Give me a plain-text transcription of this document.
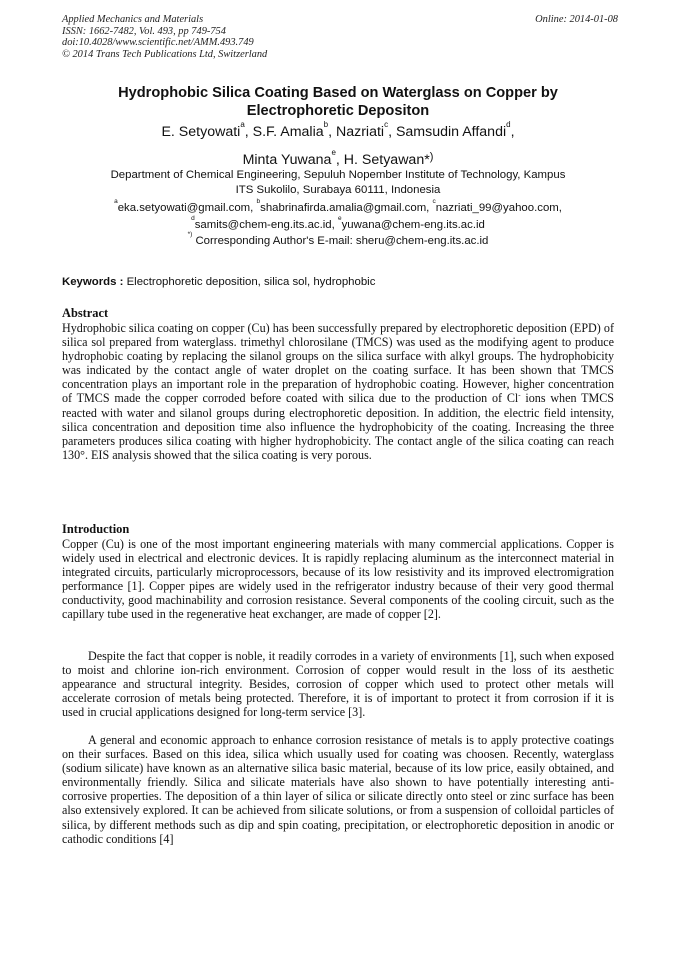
Applied Mechanics and Materials
ISSN: 1662-7482, Vol. 493, pp 749-754
doi:10.4028/www.scientific.net/AMM.493.749
© 2014 Trans Tech Publications Ltd, Switzerland
Online: 2014-01-08
Hydrophobic Silica Coating Based on Waterglass on Copper by
Electrophoretic Depositon
E. Setyowati$^a$, S.F. Amalia$^b$, Nazriati$^c$, Samsudin Affandi$^d$,
Minta Yuwana$^e$, H. Setyawan*)
Department of Chemical Engineering, Sepuluh Nopember Institute of Technology, Kampus
ITS Sukolilo, Surabaya 60111, Indonesia
$^a$eka.setyowati@gmail.com, $^b$shabrinafirda.amalia@gmail.com, $^c$nazriati_99@yahoo.com,
$^d$samits@chem-eng.its.ac.id, $^e$yuwana@chem-eng.its.ac.id
*) Corresponding Author's E-mail: sheru@chem-eng.its.ac.id
Keywords : Electrophoretic deposition, silica sol, hydrophobic
Abstract
Hydrophobic silica coating on copper (Cu) has been successfully prepared by electrophoretic deposition (EPD) of silica sol prepared from waterglass. trimethyl chlorosilane (TMCS) was used as the modifying agent to produce hydrophobic coating by replacing the silanol groups on the silica surface with alkyl groups. The hydrophobicity was indicated by the contact angle of water droplet on the coating surface. It has been shown that TMCS concentration plays an important role in the preparation of hydrophobic coating. However, higher concentration of TMCS made the copper corroded before coated with silica due to the production of Cl- ions when TMCS reacted with water and silanol groups during electrophoretic deposition. In addition, the electric field intensity, silica concentration and deposition time also influence the hydrophobicity of the coating. Increasing the three parameters produces silica coating with higher hydrophobicity. The contact angle of the silica coating can reach 130°. EIS analysis showed that the silica coating is very porous.
Introduction
Copper (Cu) is one of the most important engineering materials with many commercial applications. Copper is widely used in electrical and electronic devices. It is rapidly replacing aluminum as the interconnect material in integrated circuits, particularly microprocessors, because of its low resistivity and its improved electromigration performance [1]. Copper pipes are widely used in the refrigerator industry because of their very good thermal conductivity, good machinability and corrosion resistance. Several components of the cooling circuit, such as the capillary tube used in the regenerative heat exchanger, are made of copper [2].
Despite the fact that copper is noble, it readily corrodes in a variety of environments [1], such when exposed to moist and chlorine ion-rich environment. Corrosion of copper would result in the loss of its aesthetic appearance and structural integrity. Besides, corrosion of copper which used to protect other metals will accelerate corrosion of metals being protected. Therefore, it is of important to protect it from corrosion if it is used in crucial applications designed for long-term service [3].
A general and economic approach to enhance corrosion resistance of metals is to apply protective coatings on their surfaces. Based on this idea, silica which usually used for coating was choosen. Recently, waterglass (sodium silicate) have known as an alternative silica basic material, because of its low price, easily obtained, and environmentally friendly. Silica and silicate materials have also shown to have potentially interesting anti-corrosive properties. The deposition of a thin layer of silica or silicate directly onto steel or zinc surface has been also extensively explored. It can be achieved from silicate solutions, or from a suspension of colloidal particles of silica, by different methods such as dip and spin coating, precipitation, or electrophoretic deposition in anodic or cathodic conditions [4]
